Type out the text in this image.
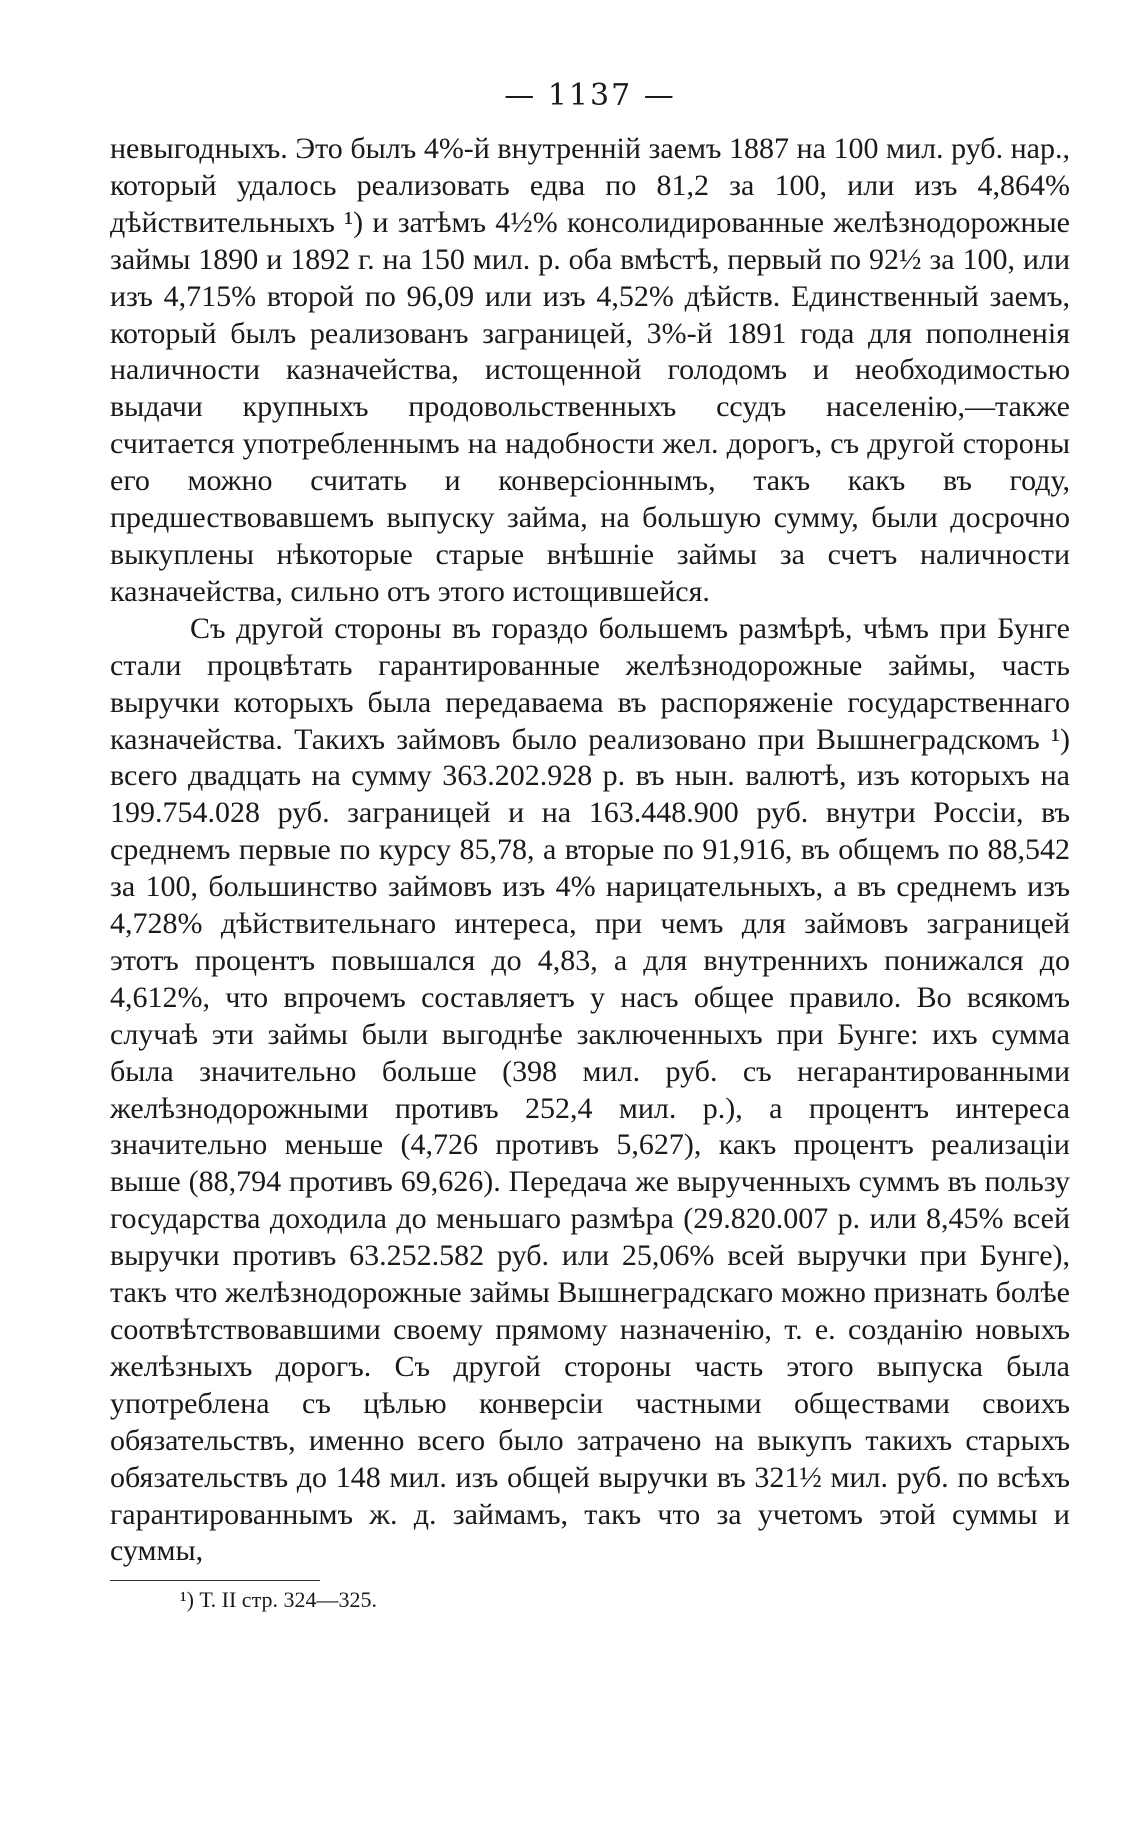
— 1137 —

невыгодныхъ. Это былъ 4%-й внутреннiй заемъ 1887 на 100 мил. руб. нар., который удалось реализовать едва по 81,2 за 100, или изъ 4,864% дѣйствительныхъ ¹) и затѣмъ 4½% консолидированные желѣзнодорожные займы 1890 и 1892 г. на 150 мил. р. оба вмѣстѣ, первый по 92½ за 100, или изъ 4,715% второй по 96,09 или изъ 4,52% дѣйств. Единственный заемъ, который былъ реализованъ заграницей, 3%-й 1891 года для пополненiя наличности казначейства, истощенной голодомъ и необходимостью выдачи крупныхъ продовольственныхъ ссудъ населенiю,—также считается употребленнымъ на надобности жел. дорогъ, съ другой стороны его можно считать и конверсiоннымъ, такъ какъ въ году, предшествовавшемъ выпуску займа, на большую сумму, были досрочно выкуплены нѣкоторые старые внѣшнiе займы за счетъ наличности казначейства, сильно отъ этого истощившейся.

Съ другой стороны въ гораздо большемъ размѣрѣ, чѣмъ при Бунге стали процвѣтать гарантированные желѣзнодорожные займы, часть выручки которыхъ была передаваема въ распоряженiе государственнаго казначейства. Такихъ займовъ было реализовано при Вышнеградскомъ ¹) всего двадцать на сумму 363.202.928 р. въ нын. валютѣ, изъ которыхъ на 199.754.028 руб. заграницей и на 163.448.900 руб. внутри Россiи, въ среднемъ первые по курсу 85,78, а вторые по 91,916, въ общемъ по 88,542 за 100, большинство займовъ изъ 4% нарицательныхъ, а въ среднемъ изъ 4,728% дѣйствительнаго интереса, при чемъ для займовъ заграницей этотъ процентъ повышался до 4,83, а для внутреннихъ понижался до 4,612%, что впрочемъ составляетъ у насъ общее правило. Во всякомъ случаѣ эти займы были выгоднѣе заключенныхъ при Бунге: ихъ сумма была значительно больше (398 мил. руб. съ негарантированными желѣзнодорожными противъ 252,4 мил. р.), а процентъ интереса значительно меньше (4,726 противъ 5,627), какъ процентъ реализацiи выше (88,794 противъ 69,626). Передача же вырученныхъ суммъ въ пользу государства доходила до меньшаго размѣра (29.820.007 р. или 8,45% всей выручки противъ 63.252.582 руб. или 25,06% всей выручки при Бунге), такъ что желѣзнодорожные займы Вышнеградскаго можно признать болѣе соотвѣтствовавшими своему прямому назначенiю, т. е. созданiю новыхъ желѣзныхъ дорогъ. Съ другой стороны часть этого выпуска была употреблена съ цѣлью конверсiи частными обществами своихъ обязательствъ, именно всего было затрачено на выкупъ такихъ старыхъ обязательствъ до 148 мил. изъ общей выручки въ 321½ мил. руб. по всѣхъ гарантированнымъ ж. д. займамъ, такъ что за учетомъ этой суммы и суммы,

¹) Т. II стр. 324—325.
